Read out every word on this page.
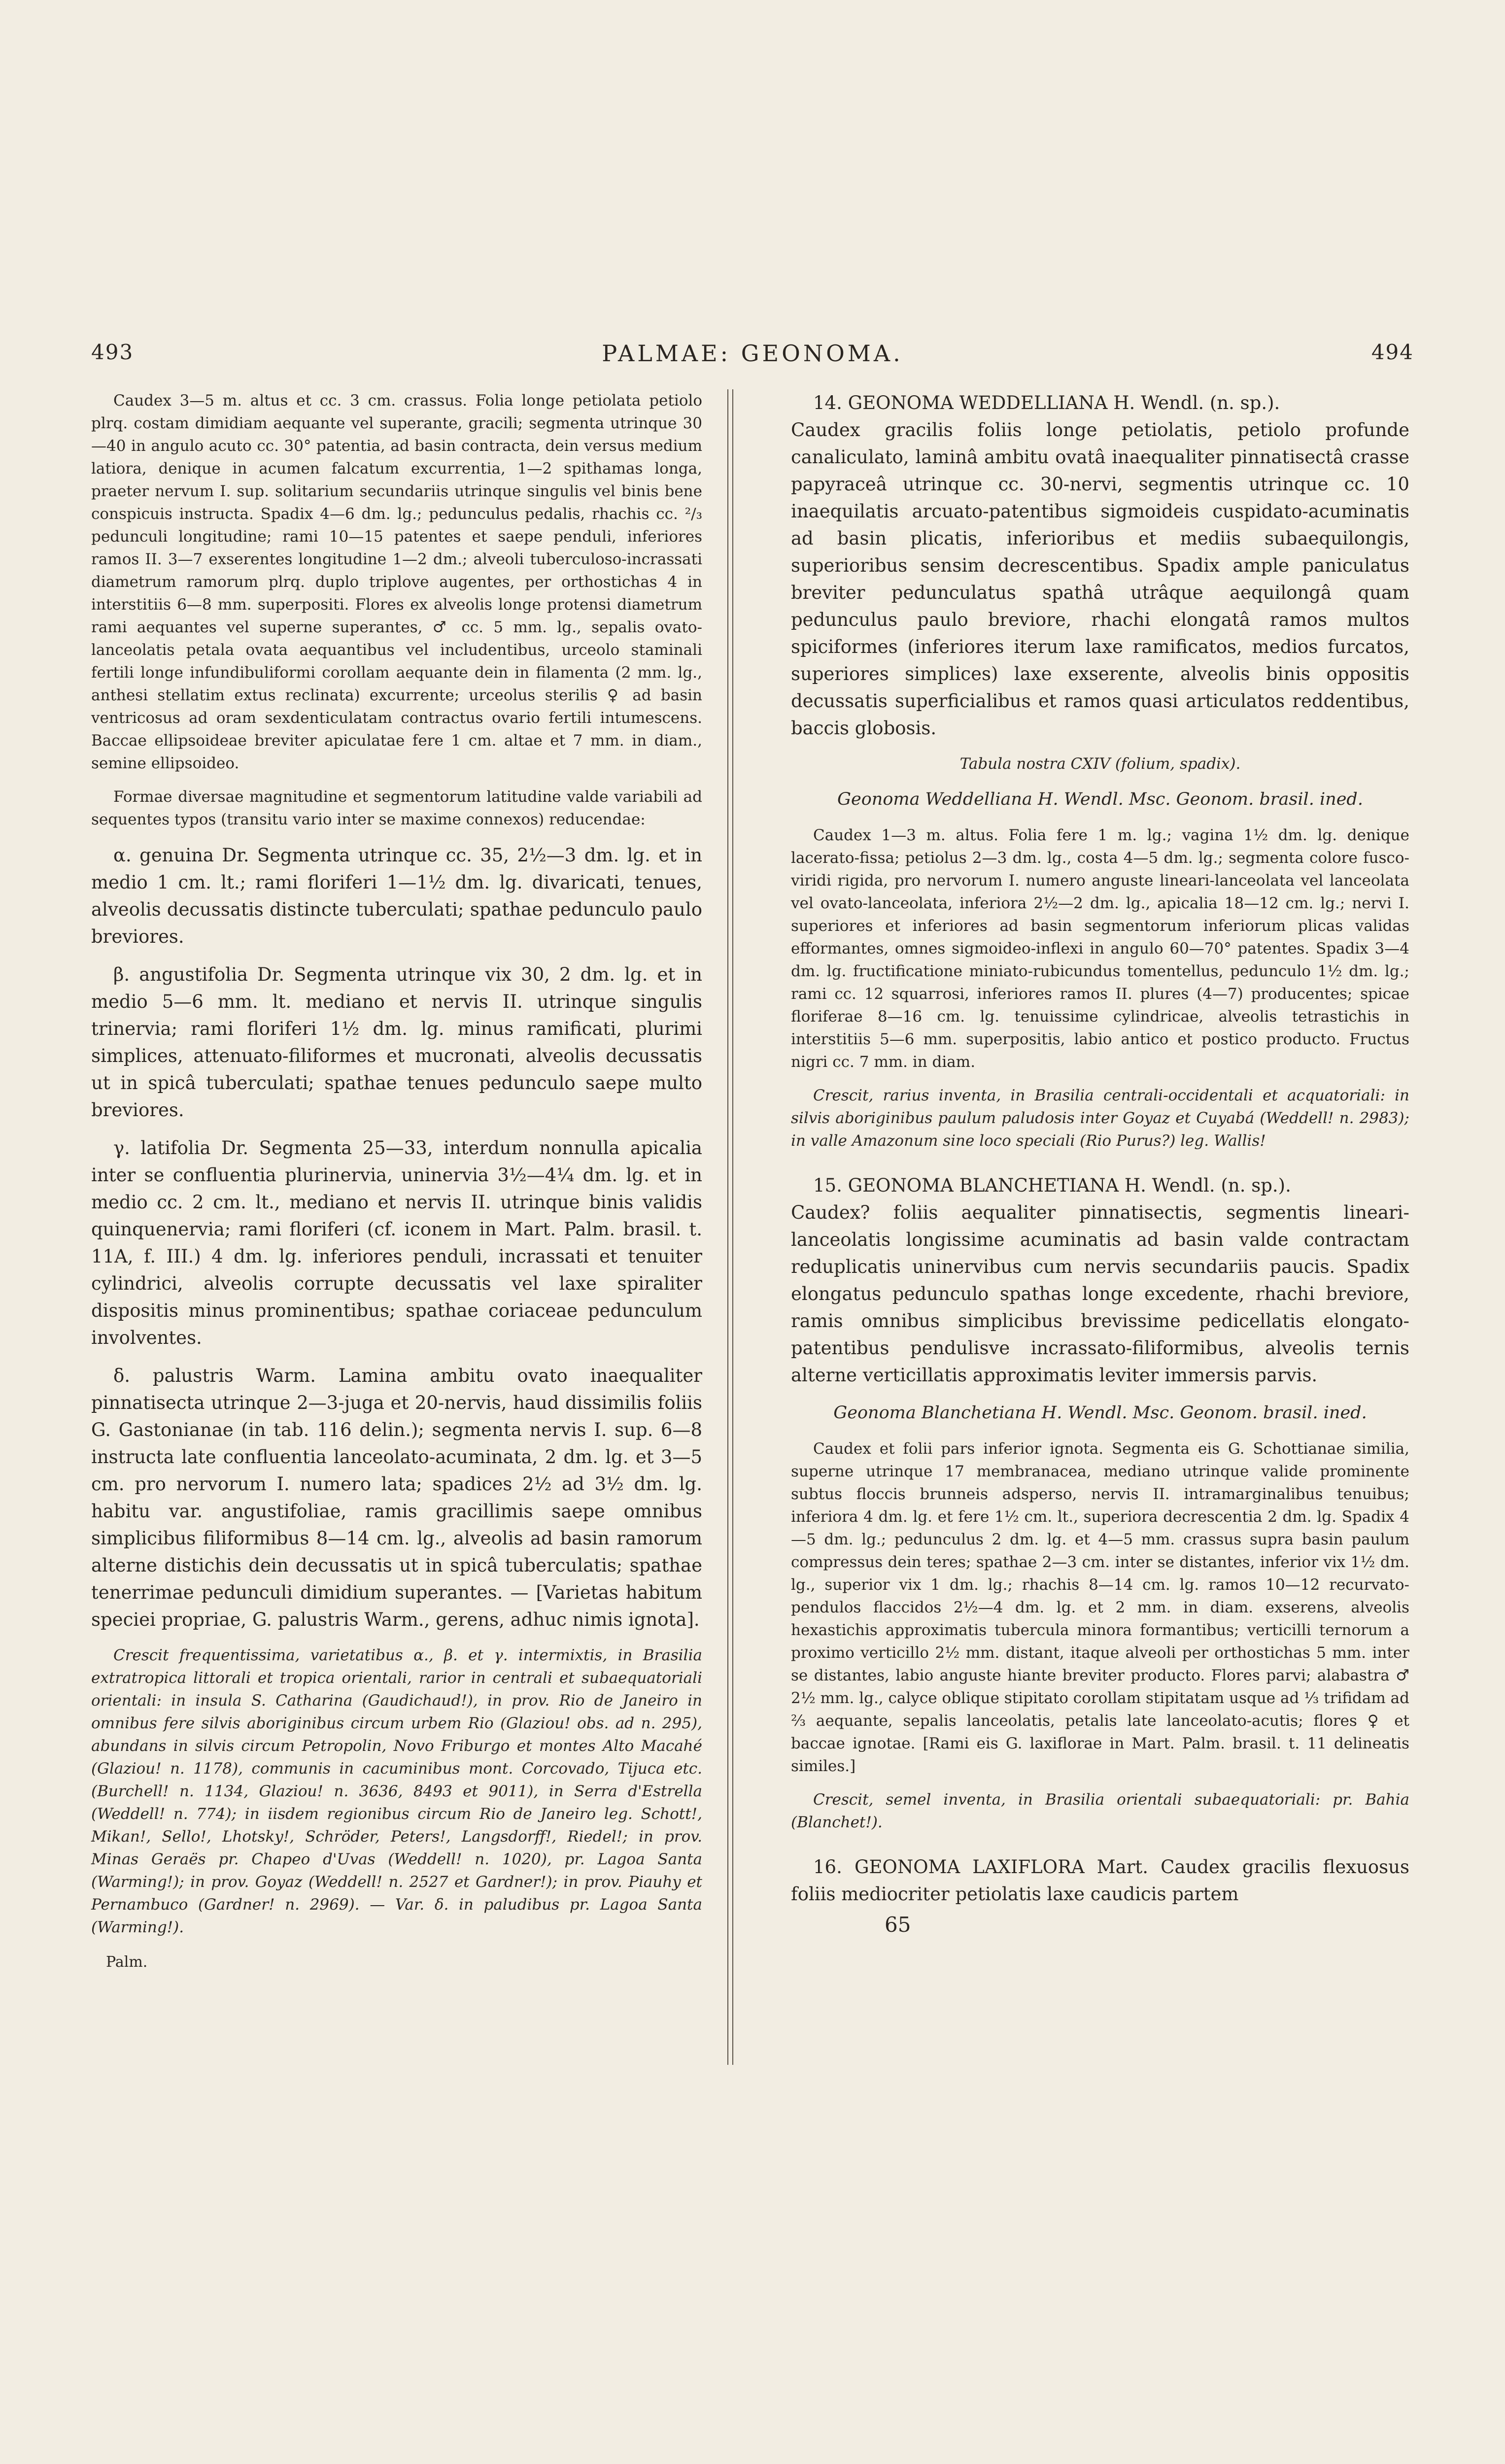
493	PALMAE: GEONOMA.	494

Caudex 3—5 m. altus et cc. 3 cm. crassus. Folia longe petiolata petiolo plrq. costam dimidiam aequante vel superante, gracili; segmenta utrinque 30—40 in angulo acuto cc. 30° patentia, ad basin contracta, dein versus medium latiora, denique in acumen falcatum excurrentia, 1—2 spithamas longa, praeter nervum I. sup. solitarium secundariis utrinque singulis vel binis bene conspicuis instructa. Spadix 4—6 dm. lg.; pedunculus pedalis, rhachis cc. ²/₃ pedunculi longitudine; rami 10—15 patentes et saepe penduli, inferiores ramos II. 3—7 exserentes longitudine 1—2 dm.; alveoli tuberculoso-incrassati diametrum ramorum plrq. duplo triplove augentes, per orthostichas 4 in interstitiis 6—8 mm. superpositi. Flores ex alveolis longe protensi diametrum rami aequantes vel superne superantes, ♂ cc. 5 mm. lg., sepalis ovato-lanceolatis petala ovata aequantibus vel includentibus, urceolo staminali fertili longe infundibuliformi corollam aequante dein in filamenta (2 mm. lg., anthesi stellatim extus reclinata) excurrente; urceolus sterilis ♀ ad basin ventricosus ad oram sexdenticulatam contractus ovario fertili intumescens. Baccae ellipsoideae breviter apiculatae fere 1 cm. altae et 7 mm. in diam., semine ellipsoideo.

Formae diversae magnitudine et segmentorum latitudine valde variabili ad sequentes typos (transitu vario inter se maxime connexos) reducendae:

α. genuina Dr. Segmenta utrinque cc. 35, 2½—3 dm. lg. et in medio 1 cm. lt.; rami floriferi 1—1½ dm. lg. divaricati, tenues, alveolis decussatis distincte tuberculati; spathae pedunculo paulo breviores.

β. angustifolia Dr. Segmenta utrinque vix 30, 2 dm. lg. et in medio 5—6 mm. lt. mediano et nervis II. utrinque singulis trinervia; rami floriferi 1½ dm. lg. minus ramificati, plurimi simplices, attenuato-filiformes et mucronati, alveolis decussatis ut in spicâ tuberculati; spathae tenues pedunculo saepe multo breviores.

γ. latifolia Dr. Segmenta 25—33, interdum nonnulla apicalia inter se confluentia plurinervia, uninervia 3½—4¼ dm. lg. et in medio cc. 2 cm. lt., mediano et nervis II. utrinque binis validis quinquenervia; rami floriferi (cf. iconem in Mart. Palm. brasil. t. 11A, f. III.) 4 dm. lg. inferiores penduli, incrassati et tenuiter cylindrici, alveolis corrupte decussatis vel laxe spiraliter dispositis minus prominentibus; spathae coriaceae pedunculum involventes.

δ. palustris Warm. Lamina ambitu ovato inaequaliter pinnatisecta utrinque 2—3-juga et 20-nervis, haud dissimilis foliis G. Gastonianae (in tab. 116 delin.); segmenta nervis I. sup. 6—8 instructa late confluentia lanceolato-acuminata, 2 dm. lg. et 3—5 cm. pro nervorum I. numero lata; spadices 2½ ad 3½ dm. lg. habitu var. angustifoliae, ramis gracillimis saepe omnibus simplicibus filiformibus 8—14 cm. lg., alveolis ad basin ramorum alterne distichis dein decussatis ut in spicâ tuberculatis; spathae tenerrimae pedunculi dimidium superantes. — [Varietas habitum speciei propriae, G. palustris Warm., gerens, adhuc nimis ignota].

Crescit frequentissima, varietatibus α., β. et γ. intermixtis, in Brasilia extratropica littorali et tropica orientali, rarior in centrali et subaequatoriali orientali: in insula S. Catharina (Gaudichaud!), in prov. Rio de Janeiro in omnibus fere silvis aboriginibus circum urbem Rio (Glaziou! obs. ad n. 295), abundans in silvis circum Petropolin, Novo Friburgo et montes Alto Macahé (Glaziou! n. 1178), communis in cacuminibus mont. Corcovado, Tijuca etc. (Burchell! n. 1134, Glaziou! n. 3636, 8493 et 9011), in Serra d'Estrella (Weddell! n. 774); in iisdem regionibus circum Rio de Janeiro leg. Schott!, Mikan!, Sello!, Lhotsky!, Schröder, Peters!, Langsdorff!, Riedel!; in prov. Minas Geraës pr. Chapeo d'Uvas (Weddell! n. 1020), pr. Lagoa Santa (Warming!); in prov. Goyaz (Weddell! n. 2527 et Gardner!); in prov. Piauhy et Pernambuco (Gardner! n. 2969). — Var. δ. in paludibus pr. Lagoa Santa (Warming!).

Palm.
14. GEONOMA WEDDELLIANA H. Wendl. (n. sp.).

Caudex gracilis foliis longe petiolatis, petiolo profunde canaliculato, laminâ ambitu ovatâ inaequaliter pinnatisectâ crasse papyraceâ utrinque cc. 30-nervi, segmentis utrinque cc. 10 inaequilatis arcuato-patentibus sigmoideis cuspidato-acuminatis ad basin plicatis, inferioribus et mediis subaequilongis, superioribus sensim decrescentibus. Spadix ample paniculatus breviter pedunculatus spathâ utrâque aequilongâ quam pedunculus paulo breviore, rhachi elongatâ ramos multos spiciformes (inferiores iterum laxe ramificatos, medios furcatos, superiores simplices) laxe exserente, alveolis binis oppositis decussatis superficialibus et ramos quasi articulatos reddentibus, baccis globosis.

Tabula nostra CXIV (folium, spadix).

Geonoma Weddelliana H. Wendl. Msc. Geonom. brasil. ined.

Caudex 1—3 m. altus. Folia fere 1 m. lg.; vagina 1½ dm. lg. denique lacerato-fissa; petiolus 2—3 dm. lg., costa 4—5 dm. lg.; segmenta colore fusco-viridi rigida, pro nervorum I. numero anguste lineari-lanceolata vel lanceolata vel ovato-lanceolata, inferiora 2½—2 dm. lg., apicalia 18—12 cm. lg.; nervi I. superiores et inferiores ad basin segmentorum inferiorum plicas validas efformantes, omnes sigmoideo-inflexi in angulo 60—70° patentes. Spadix 3—4 dm. lg. fructificatione miniato-rubicundus tomentellus, pedunculo 1½ dm. lg.; rami cc. 12 squarrosi, inferiores ramos II. plures (4—7) producentes; spicae floriferae 8—16 cm. lg. tenuissime cylindricae, alveolis tetrastichis in interstitiis 5—6 mm. superpositis, labio antico et postico producto. Fructus nigri cc. 7 mm. in diam.

Crescit, rarius inventa, in Brasilia centrali-occidentali et acquatoriali: in silvis aboriginibus paulum paludosis inter Goyaz et Cuyabá (Weddell! n. 2983); in valle Amazonum sine loco speciali (Rio Purus?) leg. Wallis!

15. GEONOMA BLANCHETIANA H. Wendl. (n. sp.).

Caudex? foliis aequaliter pinnatisectis, segmentis lineari-lanceolatis longissime acuminatis ad basin valde contractam reduplicatis uninervibus cum nervis secundariis paucis. Spadix elongatus pedunculo spathas longe excedente, rhachi breviore, ramis omnibus simplicibus brevissime pedicellatis elongato-patentibus pendulisve incrassato-filiformibus, alveolis ternis alterne verticillatis approximatis leviter immersis parvis.

Geonoma Blanchetiana H. Wendl. Msc. Geonom. brasil. ined.

Caudex et folii pars inferior ignota. Segmenta eis G. Schottianae similia, superne utrinque 17 membranacea, mediano utrinque valide prominente subtus floccis brunneis adsperso, nervis II. intramarginalibus tenuibus; inferiora 4 dm. lg. et fere 1½ cm. lt., superiora decrescentia 2 dm. lg. Spadix 4—5 dm. lg.; pedunculus 2 dm. lg. et 4—5 mm. crassus supra basin paulum compressus dein teres; spathae 2—3 cm. inter se distantes, inferior vix 1½ dm. lg., superior vix 1 dm. lg.; rhachis 8—14 cm. lg. ramos 10—12 recurvato-pendulos flaccidos 2½—4 dm. lg. et 2 mm. in diam. exserens, alveolis hexastichis approximatis tubercula minora formantibus; verticilli ternorum a proximo verticillo 2½ mm. distant, itaque alveoli per orthostichas 5 mm. inter se distantes, labio anguste hiante breviter producto. Flores parvi; alabastra ♂ 2½ mm. lg., calyce oblique stipitato corollam stipitatam usque ad ⅓ trifidam ad ⅔ aequante, sepalis lanceolatis, petalis late lanceolato-acutis; flores ♀ et baccae ignotae. [Rami eis G. laxiflorae in Mart. Palm. brasil. t. 11 delineatis similes.]

Crescit, semel inventa, in Brasilia orientali subaequatoriali: pr. Bahia (Blanchet!).

16. GEONOMA LAXIFLORA Mart. Caudex gracilis flexuosus foliis mediocriter petiolatis laxe caudicis partem

65
